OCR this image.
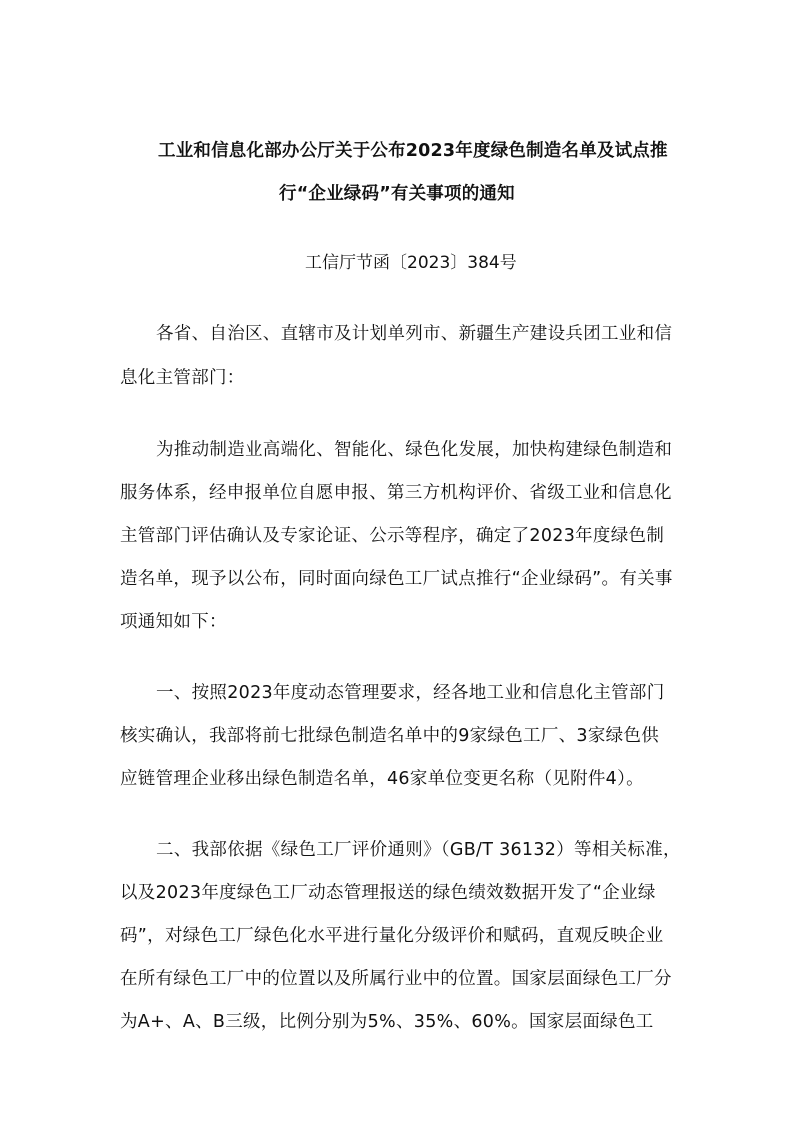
工业和信息化部办公厅关于公布2023年度绿色制造名单及试点推
行“企业绿码”有关事项的通知
工信厅节函〔2023〕384号
各省、自治区、直辖市及计划单列市、新疆生产建设兵团工业和信
息化主管部门：
为推动制造业高端化、智能化、绿色化发展，加快构建绿色制造和
服务体系，经申报单位自愿申报、第三方机构评价、省级工业和信息化
主管部门评估确认及专家论证、公示等程序，确定了2023年度绿色制
造名单，现予以公布，同时面向绿色工厂试点推行“企业绿码”。有关事
项通知如下：
一、按照2023年度动态管理要求，经各地工业和信息化主管部门
核实确认，我部将前七批绿色制造名单中的9家绿色工厂、3家绿色供
应链管理企业移出绿色制造名单，46家单位变更名称（见附件4）。
二、我部依据《绿色工厂评价通则》（GB/T 36132）等相关标准，
以及2023年度绿色工厂动态管理报送的绿色绩效数据开发了“企业绿
码”，对绿色工厂绿色化水平进行量化分级评价和赋码，直观反映企业
在所有绿色工厂中的位置以及所属行业中的位置。国家层面绿色工厂分
为A+、A、B三级，比例分别为5%、35%、60%。国家层面绿色工
